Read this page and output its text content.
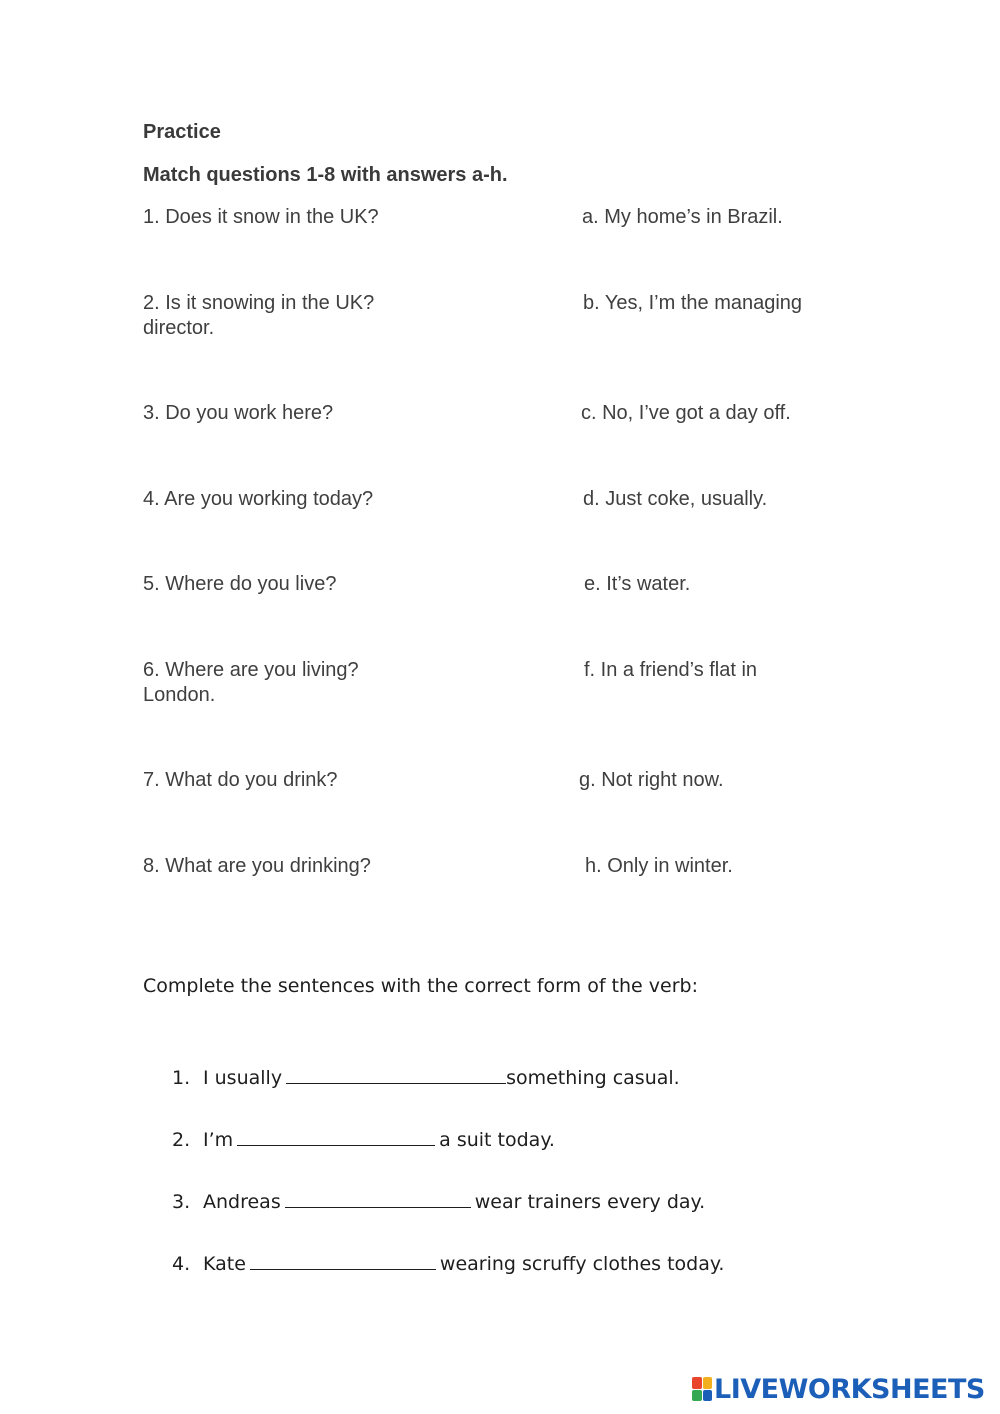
Practice

Match questions 1-8 with answers a-h.

1. Does it snow in the UK?	a. My home’s in Brazil.
2. Is it snowing in the UK?	b. Yes, I’m the managing
director.
3. Do you work here?	c. No, I’ve got a day off.
4. Are you working today?	d. Just coke, usually.
5. Where do you live?	e. It’s water.
6. Where are you living?	f. In a friend’s flat in
London.
7. What do you drink?	g. Not right now.
8. What are you drinking?	h. Only in winter.

Complete the sentences with the correct form of the verb:

1. I usually	something casual.
2. I’m	a suit today.
3. Andreas	wear trainers every day.
4. Kate	wearing scruffy clothes today.
LIVEWORKSHEETS
